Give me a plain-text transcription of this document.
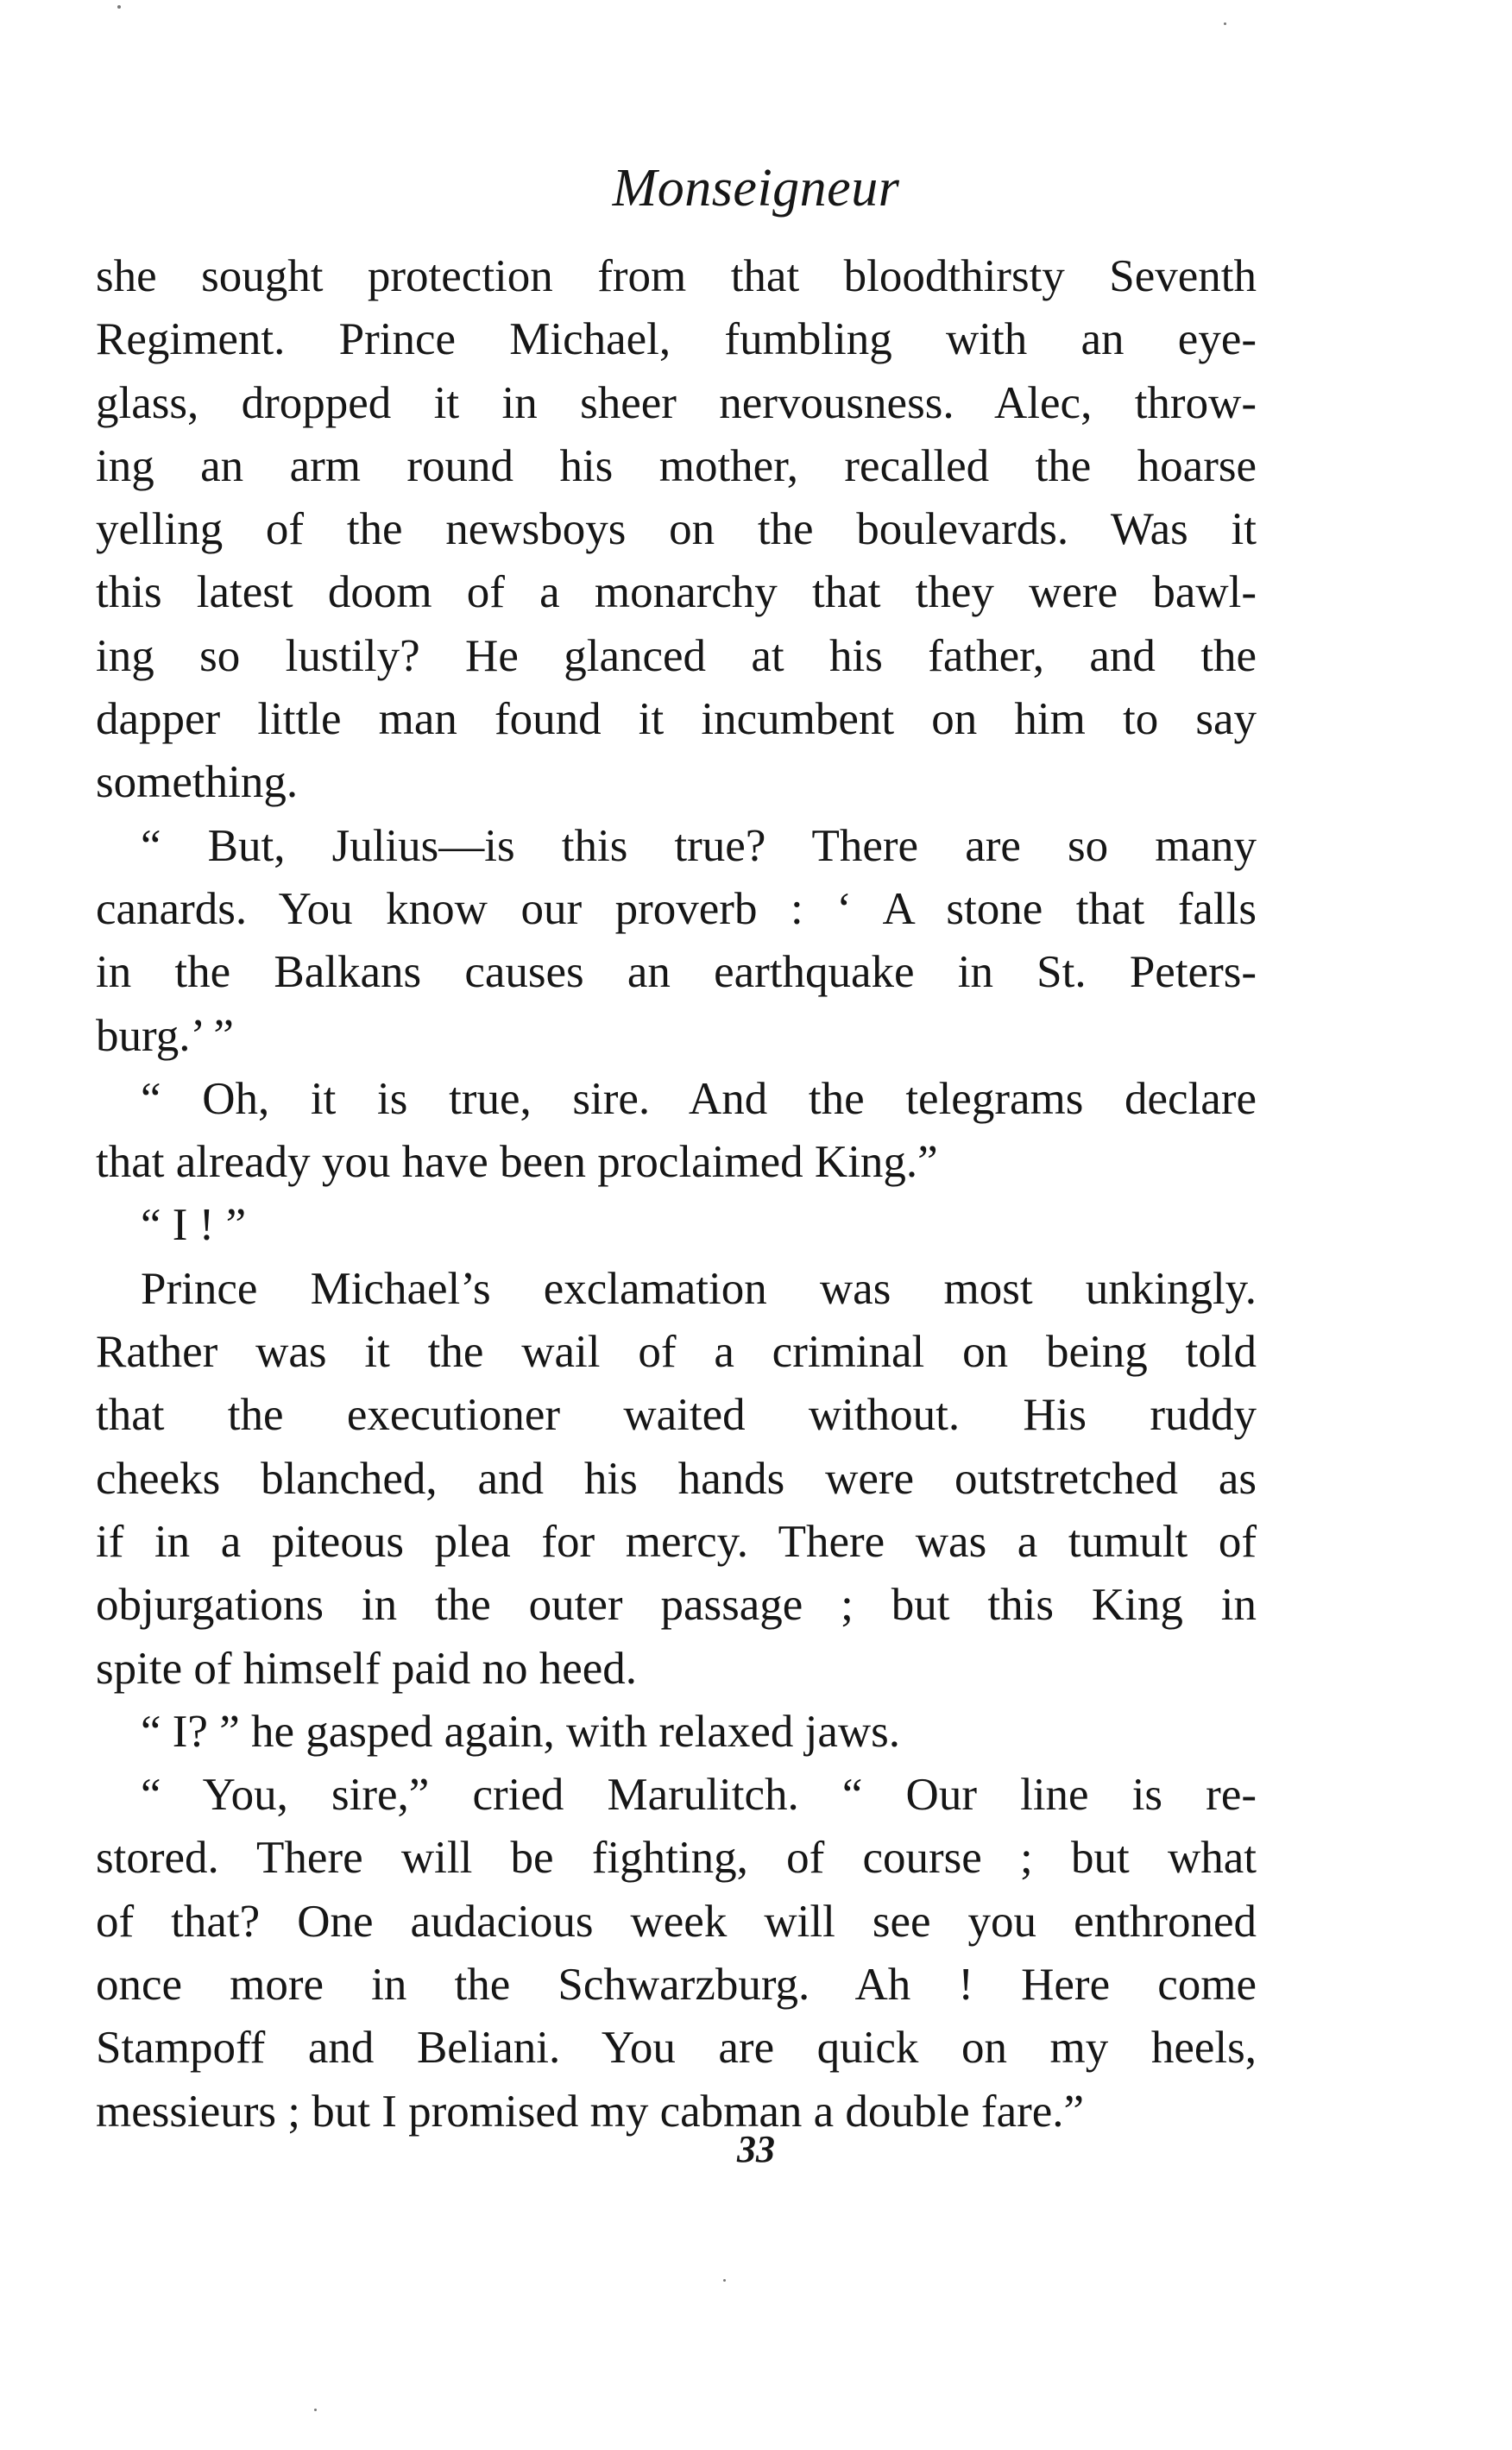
Monseigneur
she sought protection from that bloodthirsty Seventh
Regiment. Prince Michael, fumbling with an eye-
glass, dropped it in sheer nervousness. Alec, throw-
ing an arm round his mother, recalled the hoarse
yelling of the newsboys on the boulevards. Was it
this latest doom of a monarchy that they were bawl-
ing so lustily? He glanced at his father, and the
dapper little man found it incumbent on him to say
something.
“ But, Julius—is this true? There are so many
canards. You know our proverb : ‘ A stone that falls
in the Balkans causes an earthquake in St. Peters-
burg.’ ”
“ Oh, it is true, sire. And the telegrams declare
that already you have been proclaimed King.”
“ I ! ”
Prince Michael’s exclamation was most unkingly.
Rather was it the wail of a criminal on being told
that the executioner waited without. His ruddy
cheeks blanched, and his hands were outstretched as
if in a piteous plea for mercy. There was a tumult of
objurgations in the outer passage ; but this King in
spite of himself paid no heed.
“ I? ” he gasped again, with relaxed jaws.
“ You, sire,” cried Marulitch. “ Our line is re-
stored. There will be fighting, of course ; but what
of that? One audacious week will see you enthroned
once more in the Schwarzburg. Ah ! Here come
Stampoff and Beliani. You are quick on my heels,
messieurs ; but I promised my cabman a double fare.”
33
